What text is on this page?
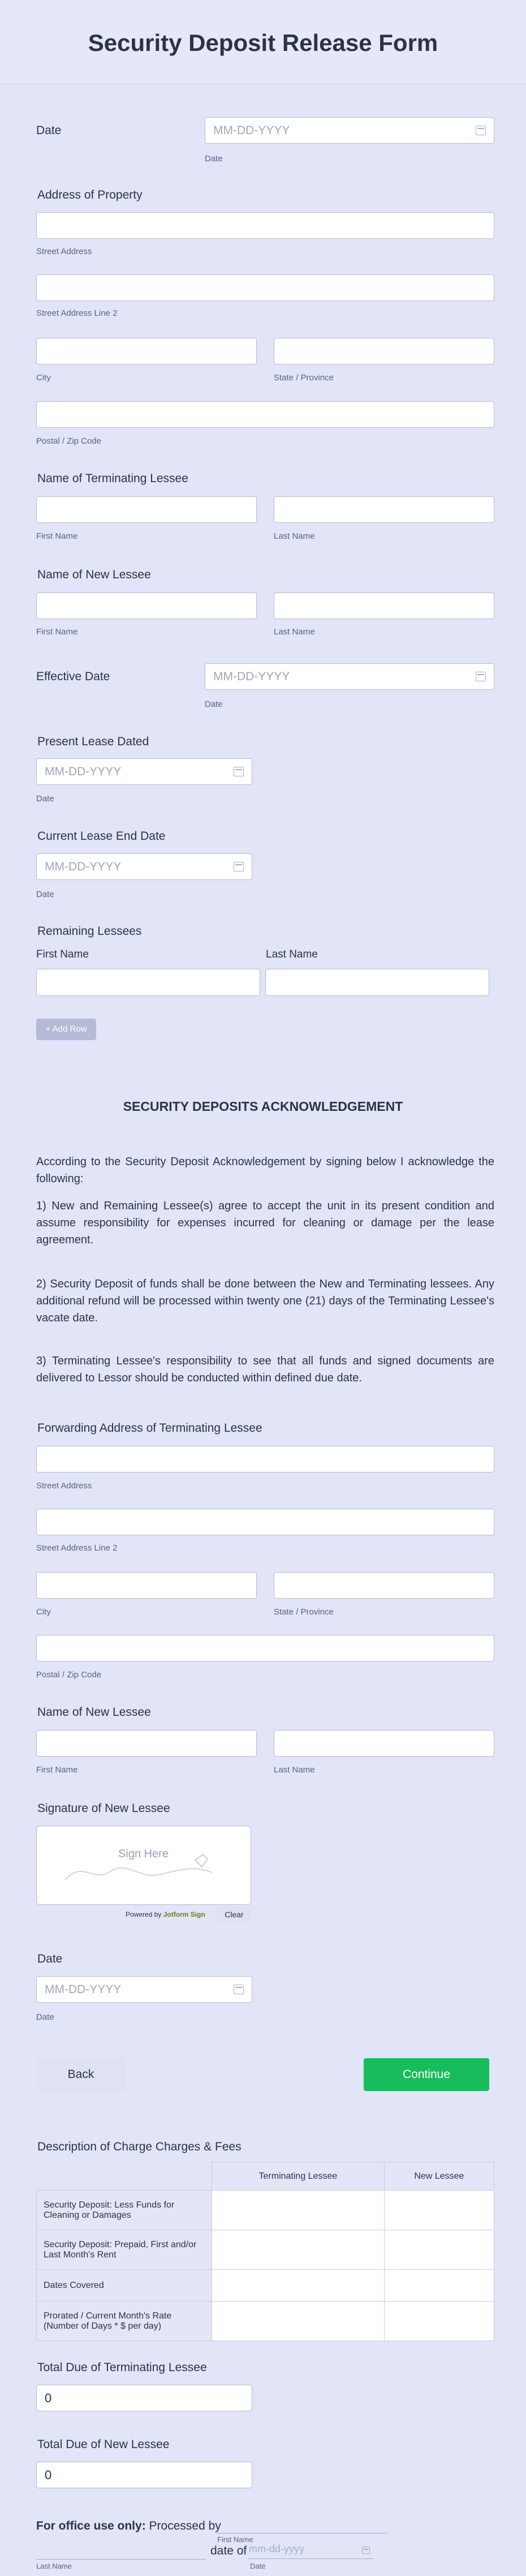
Security Deposit Release Form
Date	MM-DD-YYYY
Date
Address of Property
Street Address
Street Address Line 2
City	State / Province
Postal / Zip Code
Name of Terminating Lessee
First Name	Last Name
Name of New Lessee
First Name	Last Name
Effective Date	MM-DD-YYYY
Date
Present Lease Dated
MM-DD-YYYY
Date
Current Lease End Date
MM-DD-YYYY
Date
Remaining Lessees
First Name	Last Name
+ Add Row
SECURITY DEPOSITS ACKNOWLEDGEMENT
According to the Security Deposit Acknowledgement by signing below I acknowledge the following:
1) New and Remaining Lessee(s) agree to accept the unit in its present condition and assume responsibility for expenses incurred for cleaning or damage per the lease agreement.
2) Security Deposit of funds shall be done between the New and Terminating lessees. Any additional refund will be processed within twenty one (21) days of the Terminating Lessee's vacate date.
3) Terminating Lessee's responsibility to see that all funds and signed documents are delivered to Lessor should be conducted within defined due date.
Forwarding Address of Terminating Lessee
Street Address
Street Address Line 2
City	State / Province
Postal / Zip Code
Name of New Lessee
First Name	Last Name
Signature of New Lessee
Sign Here
Powered by Jotform Sign	Clear
Date
MM-DD-YYYY
Date
Back	Continue
Description of Charge Charges & Fees
	Terminating Lessee	New Lessee
Security Deposit: Less Funds for Cleaning or Damages		
Security Deposit: Prepaid, First and/or Last Month's Rent		
Dates Covered		
Prorated / Current Month's Rate (Number of Days * $ per day)		
Total Due of Terminating Lessee
0
Total Due of New Lessee
0
For office use only: Processed by
First Name
date of mm-dd-yyyy
Last Name	Date
